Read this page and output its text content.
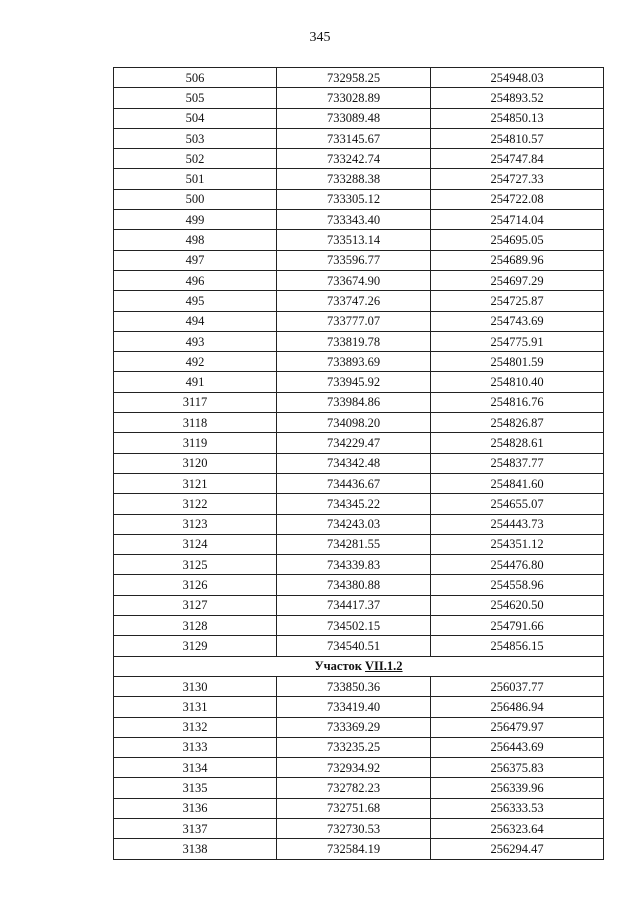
345
506	732958.25	254948.03
505	733028.89	254893.52
504	733089.48	254850.13
503	733145.67	254810.57
502	733242.74	254747.84
501	733288.38	254727.33
500	733305.12	254722.08
499	733343.40	254714.04
498	733513.14	254695.05
497	733596.77	254689.96
496	733674.90	254697.29
495	733747.26	254725.87
494	733777.07	254743.69
493	733819.78	254775.91
492	733893.69	254801.59
491	733945.92	254810.40
3117	733984.86	254816.76
3118	734098.20	254826.87
3119	734229.47	254828.61
3120	734342.48	254837.77
3121	734436.67	254841.60
3122	734345.22	254655.07
3123	734243.03	254443.73
3124	734281.55	254351.12
3125	734339.83	254476.80
3126	734380.88	254558.96
3127	734417.37	254620.50
3128	734502.15	254791.66
3129	734540.51	254856.15
Участок VII.1.2		
3130	733850.36	256037.77
3131	733419.40	256486.94
3132	733369.29	256479.97
3133	733235.25	256443.69
3134	732934.92	256375.83
3135	732782.23	256339.96
3136	732751.68	256333.53
3137	732730.53	256323.64
3138	732584.19	256294.47
